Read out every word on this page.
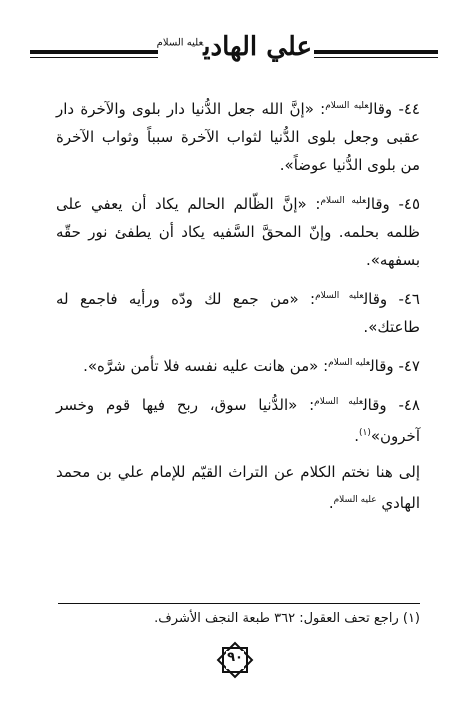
علي الهادي$^{عليه السلام}$

٤٤- وقال$^{عليه السلام}$: «إنَّ الله جعل الدُّنيا دار بلوى والآخرة دار عقبى وجعل بلوى الدُّنيا لثواب الآخرة سبباً وثواب الآخرة من بلوى الدُّنيا عوضاً».

٤٥- وقال$^{عليه السلام}$: «إنَّ الظّالم الحالم يكاد أن يعفي على ظلمه بحلمه. وإنّ المحقَّ السَّفيه يكاد أن يطفئ نور حقّه بسفهه».

٤٦- وقال$^{عليه السلام}$: «من جمع لك ودّه ورأيه فاجمع له طاعتك».

٤٧- وقال$^{عليه السلام}$: «من هانت عليه نفسه فلا تأمن شرَّه».

٤٨- وقال$^{عليه السلام}$: «الدُّنيا سوق، ربح فيها قوم وخسر آخرون»$^{(١)}$.

إلى هنا نختم الكلام عن التراث القيّم للإمام علي بن محمد الهادي $^{عليه السلام}$.

(١) راجع تحف العقول: ٣٦٢ طبعة النجف الأشرف.
٩٠
